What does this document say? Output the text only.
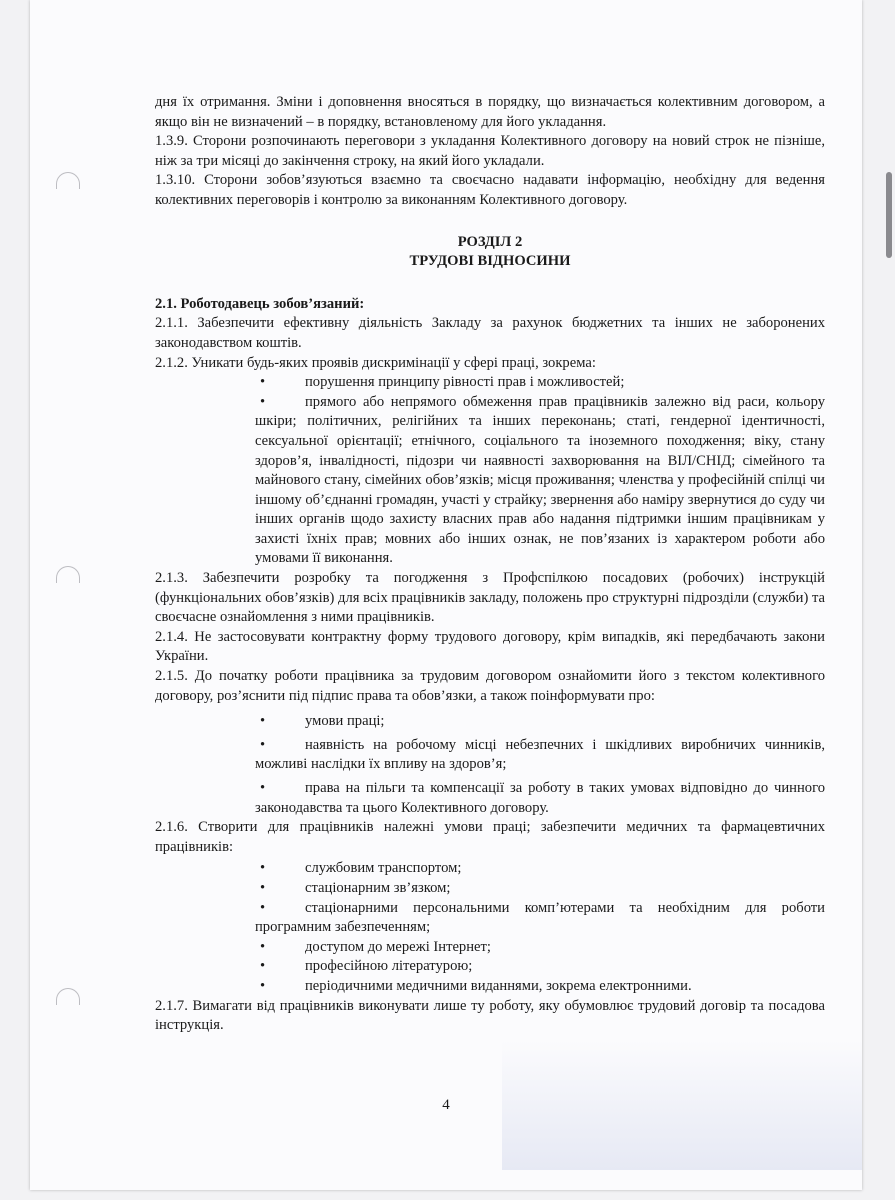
дня їх отримання. Зміни і доповнення вносяться в порядку, що визначається колективним договором, а якщо він не визначений – в порядку, встановленому для його укладання.

1.3.9. Сторони розпочинають переговори з укладання Колективного договору на новий строк не пізніше, ніж за три місяці до закінчення строку, на який його укладали.

1.3.10. Сторони зобов’язуються взаємно та своєчасно надавати інформацію, необхідну для ведення колективних переговорів і контролю за виконанням Колективного договору.

РОЗДІЛ 2

ТРУДОВІ ВІДНОСИНИ

2.1. Роботодавець зобов’язаний:

2.1.1. Забезпечити ефективну діяльність Закладу за рахунок бюджетних та інших не заборонених законодавством коштів.

2.1.2. Уникати будь-яких проявів дискримінації у сфері праці, зокрема:

•	порушення принципу рівності прав і можливостей;
•	прямого або непрямого обмеження прав працівників залежно від раси, кольору шкіри; політичних, релігійних та інших переконань; статі, гендерної ідентичності, сексуальної орієнтації; етнічного, соціального та іноземного походження; віку, стану здоров’я, інвалідності, підозри чи наявності захворювання на ВІЛ/СНІД; сімейного та майнового стану, сімейних обов’язків; місця проживання; членства у професійній спілці чи іншому об’єднанні громадян, участі у страйку; звернення або наміру звернутися до суду чи інших органів щодо захисту власних прав або надання підтримки іншим працівникам у захисті їхніх прав; мовних або інших ознак, не пов’язаних із характером роботи або умовами її виконання.

2.1.3. Забезпечити розробку та погодження з Профспілкою посадових (робочих) інструкцій (функціональних обов’язків) для всіх працівників закладу, положень про структурні підрозділи (служби) та своєчасне ознайомлення з ними працівників.

2.1.4. Не застосовувати контрактну форму трудового договору, крім випадків, які передбачають закони України.

2.1.5. До початку роботи працівника за трудовим договором ознайомити його з текстом колективного договору, роз’яснити під підпис права та обов’язки, а також поінформувати про:

•	умови праці;
•	наявність на робочому місці небезпечних і шкідливих виробничих чинників, можливі наслідки їх впливу на здоров’я;
•	права на пільги та компенсації за роботу в таких умовах відповідно до чинного законодавства та цього Колективного договору.

2.1.6. Створити для працівників належні умови праці; забезпечити медичних та фармацевтичних працівників:

•	службовим транспортом;
•	стаціонарним зв’язком;
•	стаціонарними персональними комп’ютерами та необхідним для роботи програмним забезпеченням;
•	доступом до мережі Інтернет;
•	професійною літературою;
•	періодичними медичними виданнями, зокрема електронними.

2.1.7. Вимагати від працівників виконувати лише ту роботу, яку обумовлює трудовий договір та посадова інструкція.

4
